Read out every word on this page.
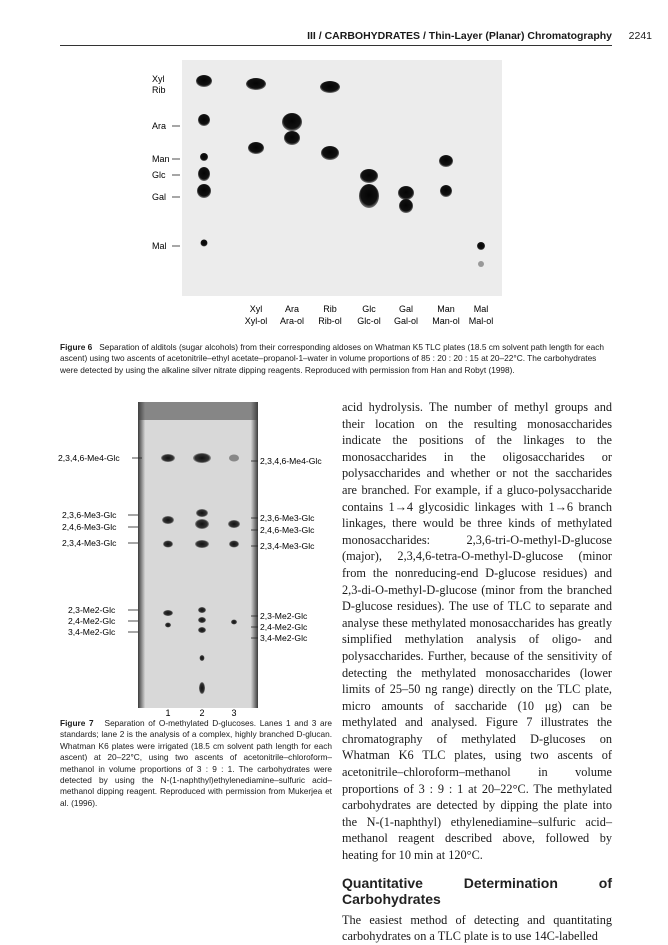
III / CARBOHYDRATES / Thin-Layer (Planar) Chromatography 2241
Xyl
Rib
Ara
Man
Glc
Gal
Mal
Xyl
Xyl-ol
Ara
Ara-ol
Rib
Rib-ol
Glc
Glc-ol
Gal
Gal-ol
Man
Man-ol
Mal
Mal-ol
Figure 6 Separation of alditols (sugar alcohols) from their corresponding aldoses on Whatman K5 TLC plates (18.5 cm solvent path length for each ascent) using two ascents of acetonitrile–ethyl acetate–propanol-1–water in volume proportions of 85 : 20 : 20 : 15 at 20–22°C. The carbohydrates were detected by using the alkaline silver nitrate dipping reagents. Reproduced with permission from Han and Robyt (1998).
2,3,4,6-Me4-Glc
2,3,6-Me3-Glc
2,4,6-Me3-Glc
2,3,4-Me3-Glc
2,3-Me2-Glc
2,4-Me2-Glc
3,4-Me2-Glc
2,3,4,6-Me4-Glc
2,3,6-Me3-Glc
2,4,6-Me3-Glc
2,3,4-Me3-Glc
2,3-Me2-Glc
2,4-Me2-Glc
3,4-Me2-Glc
1	2	3
Figure 7 Separation of O-methylated D-glucoses. Lanes 1 and 3 are standards; lane 2 is the analysis of a complex, highly branched D-glucan. Whatman K6 plates were irrigated (18.5 cm solvent path length for each ascent) at 20–22°C, using two ascents of acetonitrile–chloroform–methanol in volume proportions of 3 : 9 : 1. The carbohydrates were detected by using the N-(1-naphthyl)ethylenediamine–sulfuric acid–methanol dipping reagent. Reproduced with permission from Mukerjea et al. (1996).

acid hydrolysis. The number of methyl groups and their location on the resulting monosaccharides indicate the positions of the linkages to the monosaccharides in the oligosaccharides or polysaccharides and whether or not the saccharides are branched. For example, if a gluco-polysaccharide contains 1→4 glycosidic linkages with 1→6 branch linkages, there would be three kinds of methylated monosaccharides: 2,3,6-tri-O-methyl-D-glucose (major), 2,3,4,6-tetra-O-methyl-D-glucose (minor from the nonreducing-end D-glucose residues) and 2,3-di-O-methyl-D-glucose (minor from the branched D-glucose residues). The use of TLC to separate and analyse these methylated monosaccharides has greatly simplified methylation analysis of oligo- and polysaccharides. Further, because of the sensitivity of detecting the methylated monosaccharides (lower limits of 25–50 ng range) directly on the TLC plate, micro amounts of saccharide (10 μg) can be methylated and analysed. Figure 7 illustrates the chromatography of methylated D-glucoses on Whatman K6 TLC plates, using two ascents of acetonitrile–chloroform–methanol in volume proportions of 3 : 9 : 1 at 20–22°C. The methylated carbohydrates are detected by dipping the plate into the N-(1-naphthyl) ethylenediamine–sulfuric acid–methanol reagent described above, followed by heating for 10 min at 120°C.

Quantitative Determination of Carbohydrates

The easiest method of detecting and quantitating carbohydrates on a TLC plate is to use 14C-labelled
